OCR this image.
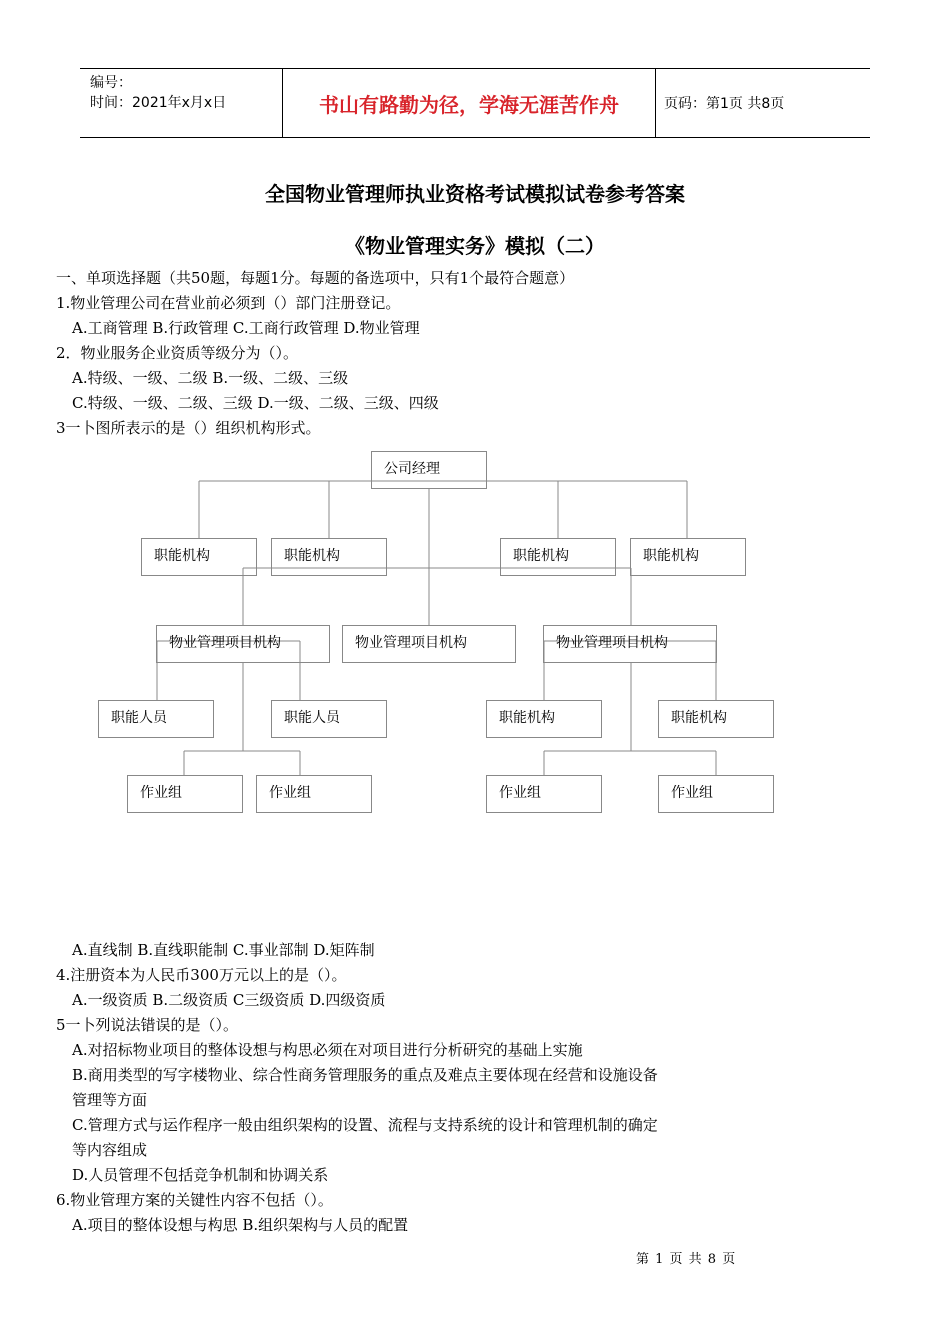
编号：
时间：2021年x月x日	书山有路勤为径，学海无涯苦作舟	页码：第1页 共8页
全国物业管理师执业资格考试模拟试卷参考答案
《物业管理实务》模拟（二）
一、单项选择题（共50题，每题1分。每题的备选项中，只有1个最符合题意）
1.物业管理公司在营业前必须到（）部门注册登记。
A.工商管理 B.行政管理 C.工商行政管理 D.物业管理
2．物业服务企业资质等级分为（）。
A.特级、一级、二级 B.一级、二级、三级
C.特级、一级、二级、三级 D.一级、二级、三级、四级
3一卜图所表示的是（）组织机构形式。
公司经理
职能机构	职能机构	职能机构	职能机构
物业管理项目机构	物业管理项目机构	物业管理项目机构
职能人员	职能人员	职能机构	职能机构
作业组	作业组	作业组	作业组
A.直线制 B.直线职能制 C.事业部制 D.矩阵制
4.注册资本为人民币300万元以上的是（）。
A.一级资质 B.二级资质 C三级资质 D.四级资质
5一卜列说法错误的是（）。
A.对招标物业项目的整体设想与构思必须在对项目进行分析研究的基础上实施
B.商用类型的写字楼物业、综合性商务管理服务的重点及难点主要体现在经营和设施设备
管理等方面
C.管理方式与运作程序一般由组织架构的设置、流程与支持系统的设计和管理机制的确定
等内容组成
D.人员管理不包括竞争机制和协调关系
6.物业管理方案的关键性内容不包括（）。
A.项目的整体设想与构思 B.组织架构与人员的配置
第 1 页 共 8 页
